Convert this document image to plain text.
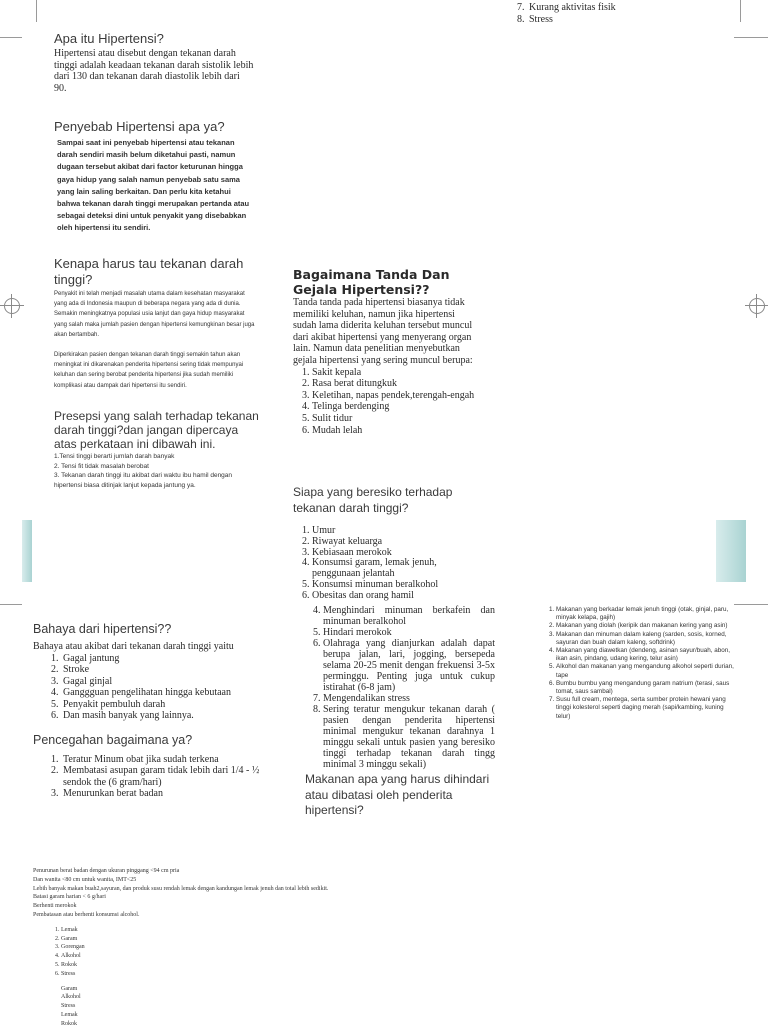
7. Kurang aktivitas fisik
8. Stress
Apa itu Hipertensi?

Hipertensi atau disebut dengan tekanan darah tinggi adalah keadaan tekanan darah sistolik lebih dari 130 dan tekanan darah diastolik lebih dari 90.

Penyebab Hipertensi apa ya?

Sampai saat ini penyebab hipertensi atau tekanan darah sendiri masih belum diketahui pasti, namun dugaan tersebut akibat dari factor keturunan hingga gaya hidup yang salah namun penyebab satu sama yang lain saling berkaitan. Dan perlu kita ketahui bahwa tekanan darah tinggi merupakan pertanda atau sebagai deteksi dini untuk penyakit yang disebabkan oleh hipertensi itu sendiri.

Kenapa harus tau tekanan darah tinggi?

Penyakit ini telah menjadi masalah utama dalam kesehatan masyarakat yang ada di Indonesia maupun di beberapa negara yang ada di dunia. Semakin meningkatnya populasi usia lanjut dan gaya hidup masyarakat yang salah maka jumlah pasien dengan hipertensi kemungkinan besar juga akan bertambah.

Diperkirakan pasien dengan tekanan darah tinggi semakin tahun akan meningkat ini dikarenakan penderita hipertensi sering tidak mempunyai keluhan dan sering berobat penderita hipertensi jika sudah memiliki komplikasi atau dampak dari hipertensi itu sendiri.

Presepsi yang salah terhadap tekanan darah tinggi?dan jangan dipercaya atas perkataan ini dibawah ini.

1.Tensi tinggi berarti jumlah darah banyak

2. Tensi fit tidak masalah berobat

3. Tekanan darah tinggi itu akibat dari waktu ibu hamil dengan hipertensi biasa ditinjak lanjut kepada jantung ya.

Bagaimana Tanda Dan Gejala Hipertensi??

Tanda tanda pada hipertensi biasanya tidak memiliki keluhan, namun jika hipertensi sudah lama diderita keluhan tersebut muncul dari akibat hipertensi yang menyerang organ lain. Namun data penelitian menyebutkan gejala hipertensi yang sering muncul berupa:

1. Sakit kepala
2. Rasa berat ditungkuk
3. Keletihan, napas pendek,terengah-engah
4. Telinga berdenging
5. Sulit tidur
6. Mudah lelah
Siapa yang beresiko terhadap tekanan darah tinggi?
1. Umur
2. Riwayat keluarga
3. Kebiasaan merokok
4. Konsumsi garam, lemak jenuh, penggunaan jelantah
5. Konsumsi minuman beralkohol
6. Obesitas dan orang hamil
4. Menghindari minuman berkafein dan minuman beralkohol
5. Hindari merokok
6. Olahraga yang dianjurkan adalah dapat berupa jalan, lari, jogging, bersepeda selama 20-25 menit dengan frekuensi 3-5x perminggu. Penting juga untuk cukup istirahat (6-8 jam)
7. Mengendalikan stress
8. Sering teratur mengukur tekanan darah ( pasien dengan penderita hipertensi minimal mengukur tekanan darahnya 1 minggu sekali untuk pasien yang beresiko tinggi terhadap tekanan darah tingg minimal 3 minggu sekali)
Makanan apa yang harus dihindari atau dibatasi oleh penderita hipertensi?
Bahaya dari hipertensi??

Bahaya atau akibat dari tekanan darah tinggi yaitu

1. Gagal jantung
2. Stroke
3. Gagal ginjal
4. Ganggguan pengelihatan hingga kebutaan
5. Penyakit pembuluh darah
6. Dan masih banyak yang lainnya.
Pencegahan bagaimana ya?
1. Teratur Minum obat jika sudah terkena
2. Membatasi asupan garam tidak lebih dari 1/4 - ½ sendok the (6 gram/hari)
3. Menurunkan berat badan
1. Makanan yang berkadar lemak jenuh tinggi (otak, ginjal, paru, minyak kelapa, gajih)
2. Makanan yang diolah (keripik dan makanan kering yang asin)
3. Makanan dan minuman dalam kaleng (sarden, sosis, korned, sayuran dan buah dalam kaleng, softdrink)
4. Makanan yang diawetkan (dendeng, asinan sayur/buah, abon, ikan asin, pindang, udang kering, telur asin)
5. Alkohol dan makanan yang mengandung alkohol seperti durian, tape
6. Bumbu bumbu yang mengandung garam natrium (terasi, saus tomat, saus sambal)
7. Susu full cream, mentega, serta sumber protein hewani yang tinggi kolesterol seperti daging merah (sapi/kambing, kuning telur)

Penurunan berat badan dengan ukuran pinggang <94 cm pria

Dan wanita <80 cm untuk wanita, IMT<25

Lebih banyak makan buah2,sayuran, dan produk susu rendah lemak dengan kandungan lemak jenuh dan total lebih sedikit.

Batasi garam harian < 6 g/hari

Berhenti merokok

Pembatasan atau berhenti konsumsi alcohol.

1. Lemak
2. Garam
3. Gorengan
4. Alkohol
5. Rokok
6. Stress

Garam

Alkohol

Stress

Lemak

Rokok
